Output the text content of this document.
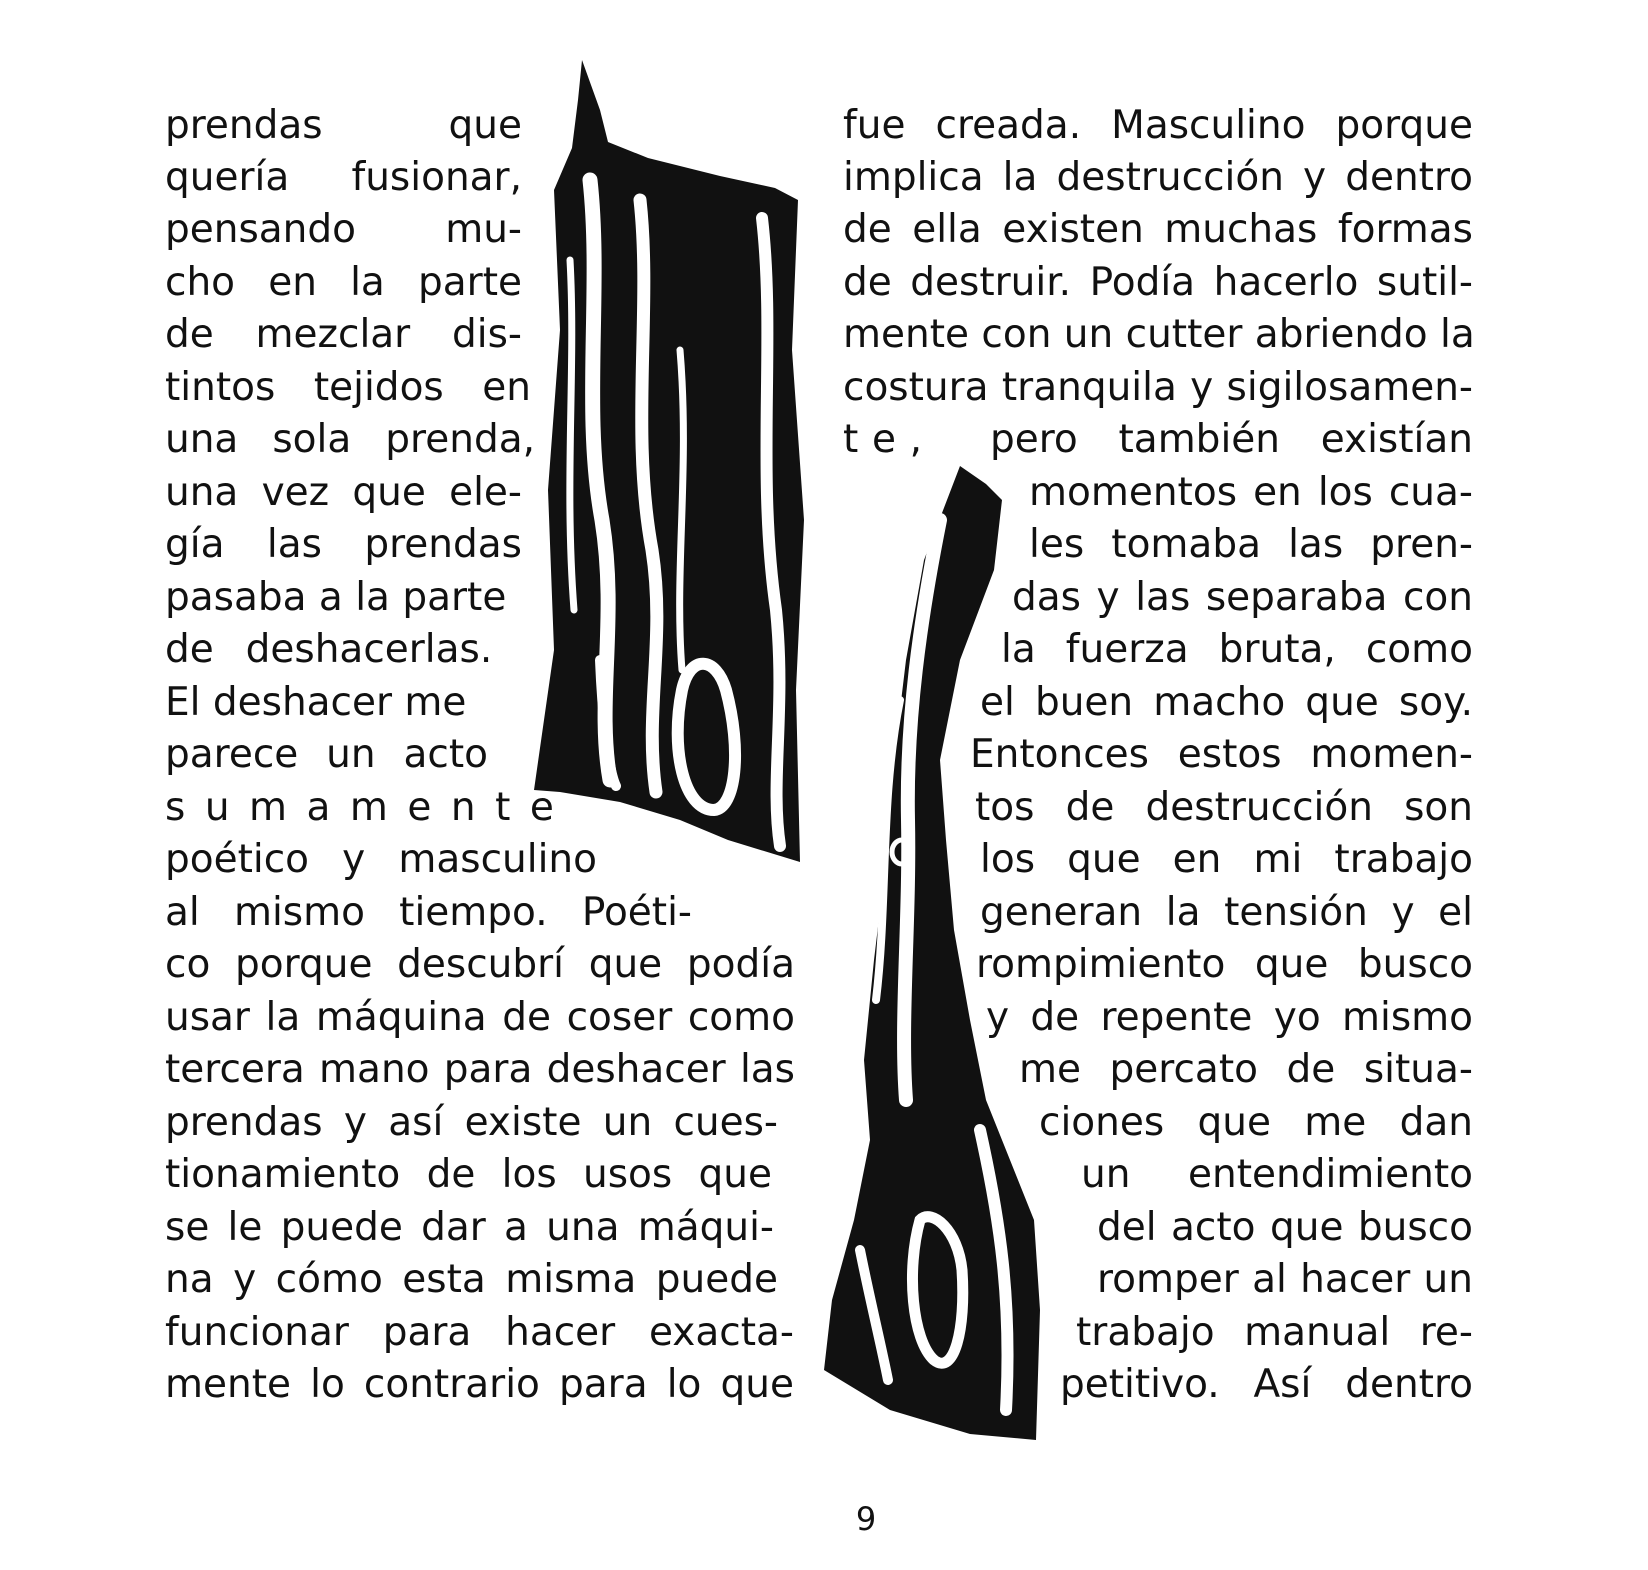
prendas que
quería fusionar,
pensando mu-
cho en la parte
de mezclar dis-
tintos tejidos en
una sola prenda,
una vez que ele-
gía las prendas
pasaba a la parte
de deshacerlas.
El deshacer me
parece un acto
sumamente
poético y masculino
al mismo tiempo. Poéti-
co porque descubrí que podía
usar la máquina de coser como
tercera mano para deshacer las
prendas y así existe un cues-
tionamiento de los usos que
se le puede dar a una máqui-
na y cómo esta misma puede
funcionar para hacer exacta-
mente lo contrario para lo que
fue creada. Masculino porque
implica la destrucción y dentro
de ella existen muchas formas
de destruir. Podía hacerlo sutil-
mente con un cutter abriendo la
costura tranquila y sigilosamen-
te, pero también existían
momentos en los cua-
les tomaba las pren-
das y las separaba con
la fuerza bruta, como
el buen macho que soy.
Entonces estos momen-
tos de destrucción son
los que en mi trabajo
generan la tensión y el
rompimiento que busco
y de repente yo mismo
me percato de situa-
ciones que me dan
un entendimiento
del acto que busco
romper al hacer un
trabajo manual re-
petitivo. Así dentro
9
